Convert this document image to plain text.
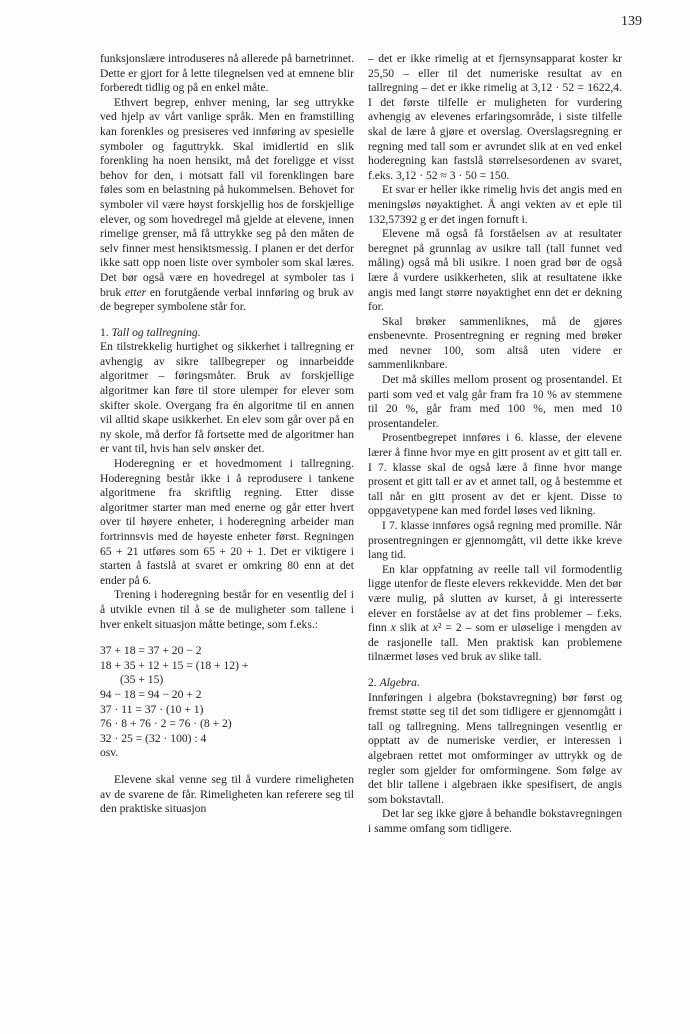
139

funksjonslære introduseres nå allerede på barnetrinnet. Dette er gjort for å lette tilegnelsen ved at emnene blir forberedt tidlig og på en enkel måte.

Ethvert begrep, enhver mening, lar seg uttrykke ved hjelp av vårt vanlige språk. Men en framstilling kan forenkles og presiseres ved innføring av spesielle symboler og faguttrykk. Skal imidlertid en slik forenkling ha noen hensikt, må det foreligge et visst behov for den, i motsatt fall vil forenklingen bare føles som en belastning på hukommelsen. Behovet for symboler vil være høyst forskjellig hos de forskjellige elever, og som hovedregel må gjelde at elevene, innen rimelige grenser, må få uttrykke seg på den måten de selv finner mest hensiktsmessig. I planen er det derfor ikke satt opp noen liste over symboler som skal læres. Det bør også være en hovedregel at symboler tas i bruk etter en forutgående verbal innføring og bruk av de begreper symbolene står for.

1. Tall og tallregning.

En tilstrekkelig hurtighet og sikkerhet i tallregning er avhengig av sikre tallbegreper og innarbeidde algoritmer – føringsmåter. Bruk av forskjellige algoritmer kan føre til store ulemper for elever som skifter skole. Overgang fra én algoritme til en annen vil alltid skape usikkerhet. En elev som går over på en ny skole, må derfor få fortsette med de algoritmer han er vant til, hvis han selv ønsker det.

Hoderegning er et hovedmoment i tallregning. Hoderegning består ikke i å reprodusere i tankene algoritmene fra skriftlig regning. Etter disse algoritmer starter man med enerne og går etter hvert over til høyere enheter, i hoderegning arbeider man fortrinnsvis med de høyeste enheter først. Regningen 65 + 21 utføres som 65 + 20 + 1. Det er viktigere i starten å fastslå at svaret er omkring 80 enn at det ender på 6.

Trening i hoderegning består for en vesentlig del i å utvikle evnen til å se de muligheter som tallene i hver enkelt situasjon måtte betinge, som f.eks.:

37 + 18 = 37 + 20 − 2
18 + 35 + 12 + 15 = (18 + 12) +
(35 + 15)
94 − 18 = 94 − 20 + 2
37 · 11 = 37 · (10 + 1)
76 · 8 + 76 · 2 = 76 · (8 + 2)
32 · 25 = (32 · 100) : 4
osv.

Elevene skal venne seg til å vurdere rimeligheten av de svarene de får. Rimeligheten kan referere seg til den praktiske situasjon

– det er ikke rimelig at et fjernsynsapparat koster kr 25,50 – eller til det numeriske resultat av en tallregning – det er ikke rimelig at 3,12 · 52 = 1622,4. I det første tilfelle er muligheten for vurdering avhengig av elevenes erfaringsområde, i siste tilfelle skal de lære å gjøre et overslag. Overslagsregning er regning med tall som er avrundet slik at en ved enkel hoderegning kan fastslå størrelsesordenen av svaret, f.eks. 3,12 · 52 ≈ 3 · 50 = 150.

Et svar er heller ikke rimelig hvis det angis med en meningsløs nøyaktighet. Å angi vekten av et eple til 132,57392 g er det ingen fornuft i.

Elevene må også få forståelsen av at resultater beregnet på grunnlag av usikre tall (tall funnet ved måling) også må bli usikre. I noen grad bør de også lære å vurdere usikkerheten, slik at resultatene ikke angis med langt større nøyaktighet enn det er dekning for.

Skal brøker sammenliknes, må de gjøres ensbenevnte. Prosentregning er regning med brøker med nevner 100, som altså uten videre er sammenliknbare.

Det må skilles mellom prosent og prosentandel. Et parti som ved et valg går fram fra 10 % av stemmene til 20 %, går fram med 100 %, men med 10 prosentandeler.

Prosentbegrepet innføres i 6. klasse, der elevene lærer å finne hvor mye en gitt prosent av et gitt tall er. I 7. klasse skal de også lære å finne hvor mange prosent et gitt tall er av et annet tall, og å bestemme et tall når en gitt prosent av det er kjent. Disse to oppgavetypene kan med fordel løses ved likning.

I 7. klasse innføres også regning med promille. Når prosentregningen er gjennomgått, vil dette ikke kreve lang tid.

En klar oppfatning av reelle tall vil formodentlig ligge utenfor de fleste elevers rekkevidde. Men det bør være mulig, på slutten av kurset, å gi interesserte elever en forståelse av at det fins problemer – f.eks. finn x slik at x² = 2 – som er uløselige i mengden av de rasjonelle tall. Men praktisk kan problemene tilnærmet løses ved bruk av slike tall.

2. Algebra.

Innføringen i algebra (bokstavregning) bør først og fremst støtte seg til det som tidligere er gjennomgått i tall og tallregning. Mens tallregningen vesentlig er opptatt av de numeriske verdier, er interessen i algebraen rettet mot omforminger av uttrykk og de regler som gjelder for omformingene. Som følge av det blir tallene i algebraen ikke spesifisert, de angis som bokstavtall.

Det lar seg ikke gjøre å behandle bokstavregningen i samme omfang som tidligere.
